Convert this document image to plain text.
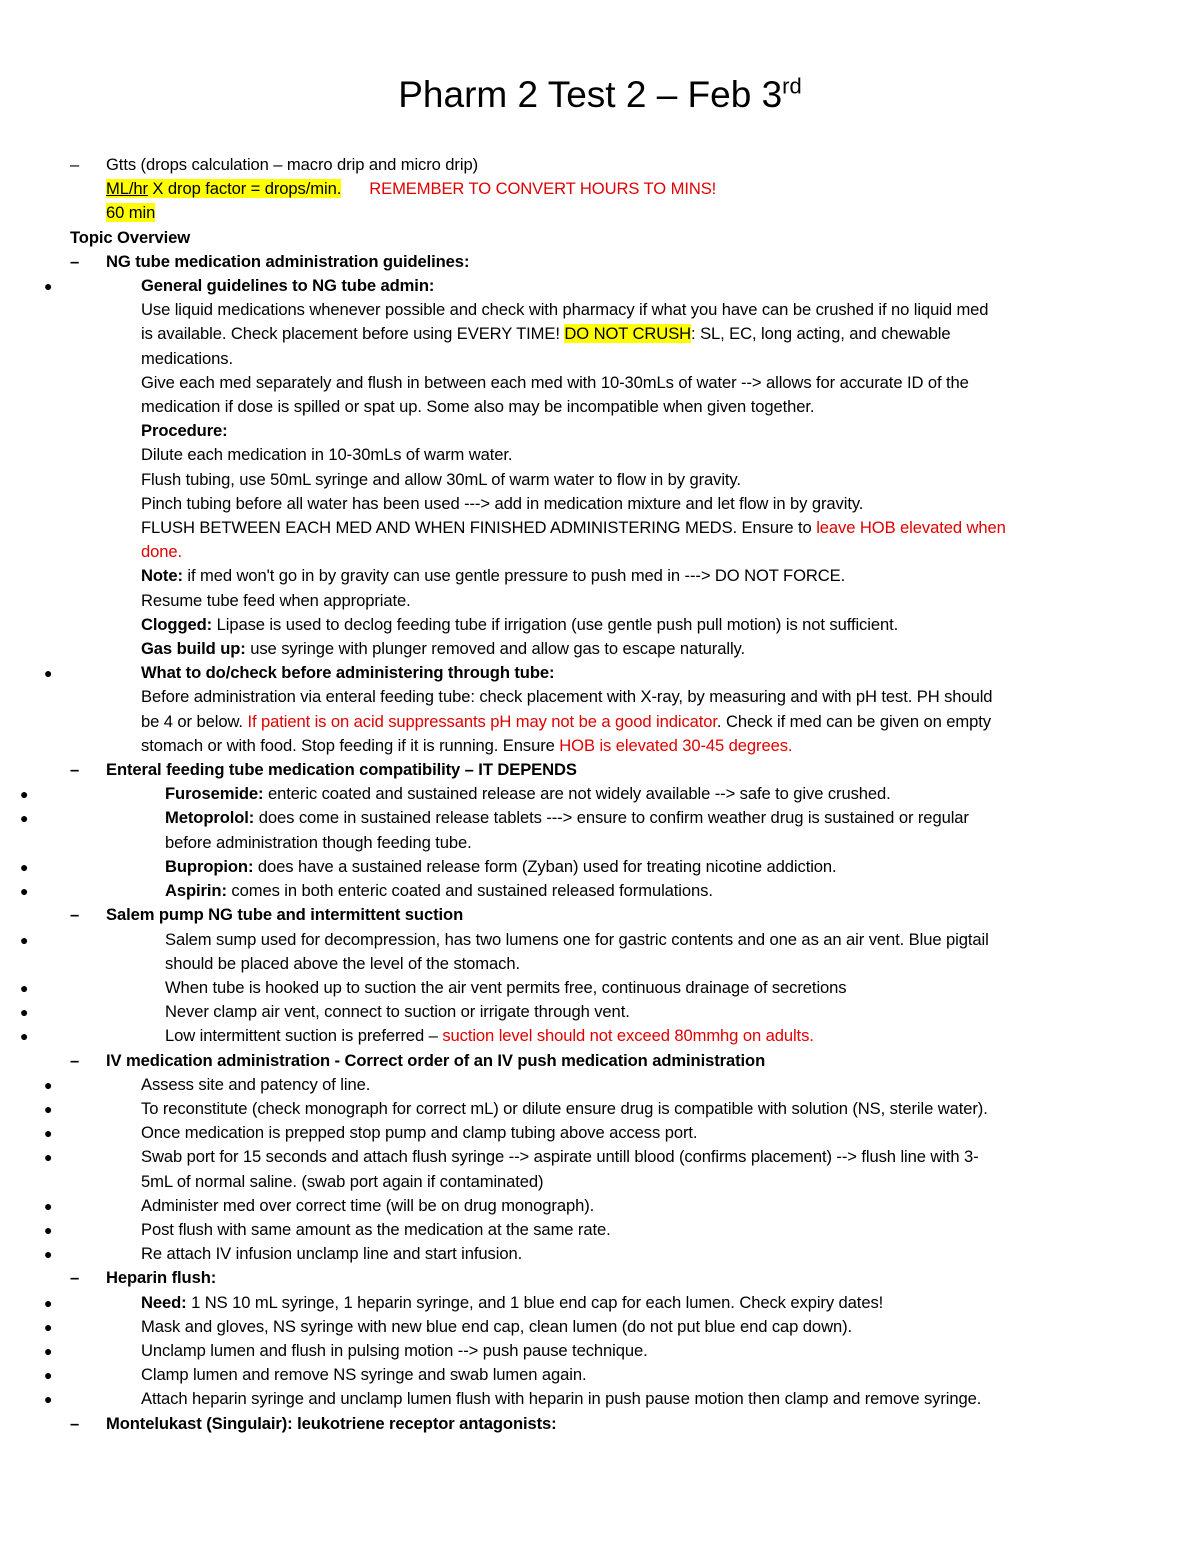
Pharm 2 Test 2 – Feb 3rd
– Gtts (drops calculation – macro drip and micro drip)
ML/hr X drop factor = drops/min. REMEMBER TO CONVERT HOURS TO MINS!
60 min
Topic Overview
– NG tube medication administration guidelines:
●	General guidelines to NG tube admin:
Use liquid medications whenever possible and check with pharmacy if what you have can be crushed if no liquid med
is available. Check placement before using EVERY TIME! DO NOT CRUSH: SL, EC, long acting, and chewable
medications.
Give each med separately and flush in between each med with 10-30mLs of water --> allows for accurate ID of the
medication if dose is spilled or spat up. Some also may be incompatible when given together.
Procedure:
Dilute each medication in 10-30mLs of warm water.
Flush tubing, use 50mL syringe and allow 30mL of warm water to flow in by gravity.
Pinch tubing before all water has been used ---> add in medication mixture and let flow in by gravity.
FLUSH BETWEEN EACH MED AND WHEN FINISHED ADMINISTERING MEDS. Ensure to leave HOB elevated when
done.
Note: if med won't go in by gravity can use gentle pressure to push med in ---> DO NOT FORCE.
Resume tube feed when appropriate.
Clogged: Lipase is used to declog feeding tube if irrigation (use gentle push pull motion) is not sufficient.
Gas build up: use syringe with plunger removed and allow gas to escape naturally.
●	What to do/check before administering through tube:
Before administration via enteral feeding tube: check placement with X-ray, by measuring and with pH test. PH should
be 4 or below. If patient is on acid suppressants pH may not be a good indicator. Check if med can be given on empty
stomach or with food. Stop feeding if it is running. Ensure HOB is elevated 30-45 degrees.
– Enteral feeding tube medication compatibility – IT DEPENDS
●	Furosemide: enteric coated and sustained release are not widely available --> safe to give crushed.
●	Metoprolol: does come in sustained release tablets ---> ensure to confirm weather drug is sustained or regular
before administration though feeding tube.
●	Bupropion: does have a sustained release form (Zyban) used for treating nicotine addiction.
●	Aspirin: comes in both enteric coated and sustained released formulations.
– Salem pump NG tube and intermittent suction
●	Salem sump used for decompression, has two lumens one for gastric contents and one as an air vent. Blue pigtail
should be placed above the level of the stomach.
●	When tube is hooked up to suction the air vent permits free, continuous drainage of secretions
●	Never clamp air vent, connect to suction or irrigate through vent.
●	Low intermittent suction is preferred – suction level should not exceed 80mmhg on adults.
– IV medication administration - Correct order of an IV push medication administration
●	Assess site and patency of line.
●	To reconstitute (check monograph for correct mL) or dilute ensure drug is compatible with solution (NS, sterile water).
●	Once medication is prepped stop pump and clamp tubing above access port.
●	Swab port for 15 seconds and attach flush syringe --> aspirate untill blood (confirms placement) --> flush line with 3-
5mL of normal saline. (swab port again if contaminated)
●	Administer med over correct time (will be on drug monograph).
●	Post flush with same amount as the medication at the same rate.
●	Re attach IV infusion unclamp line and start infusion.
– Heparin flush:
●	Need: 1 NS 10 mL syringe, 1 heparin syringe, and 1 blue end cap for each lumen. Check expiry dates!
●	Mask and gloves, NS syringe with new blue end cap, clean lumen (do not put blue end cap down).
●	Unclamp lumen and flush in pulsing motion --> push pause technique.
●	Clamp lumen and remove NS syringe and swab lumen again.
●	Attach heparin syringe and unclamp lumen flush with heparin in push pause motion then clamp and remove syringe.
– Montelukast (Singulair): leukotriene receptor antagonists:
